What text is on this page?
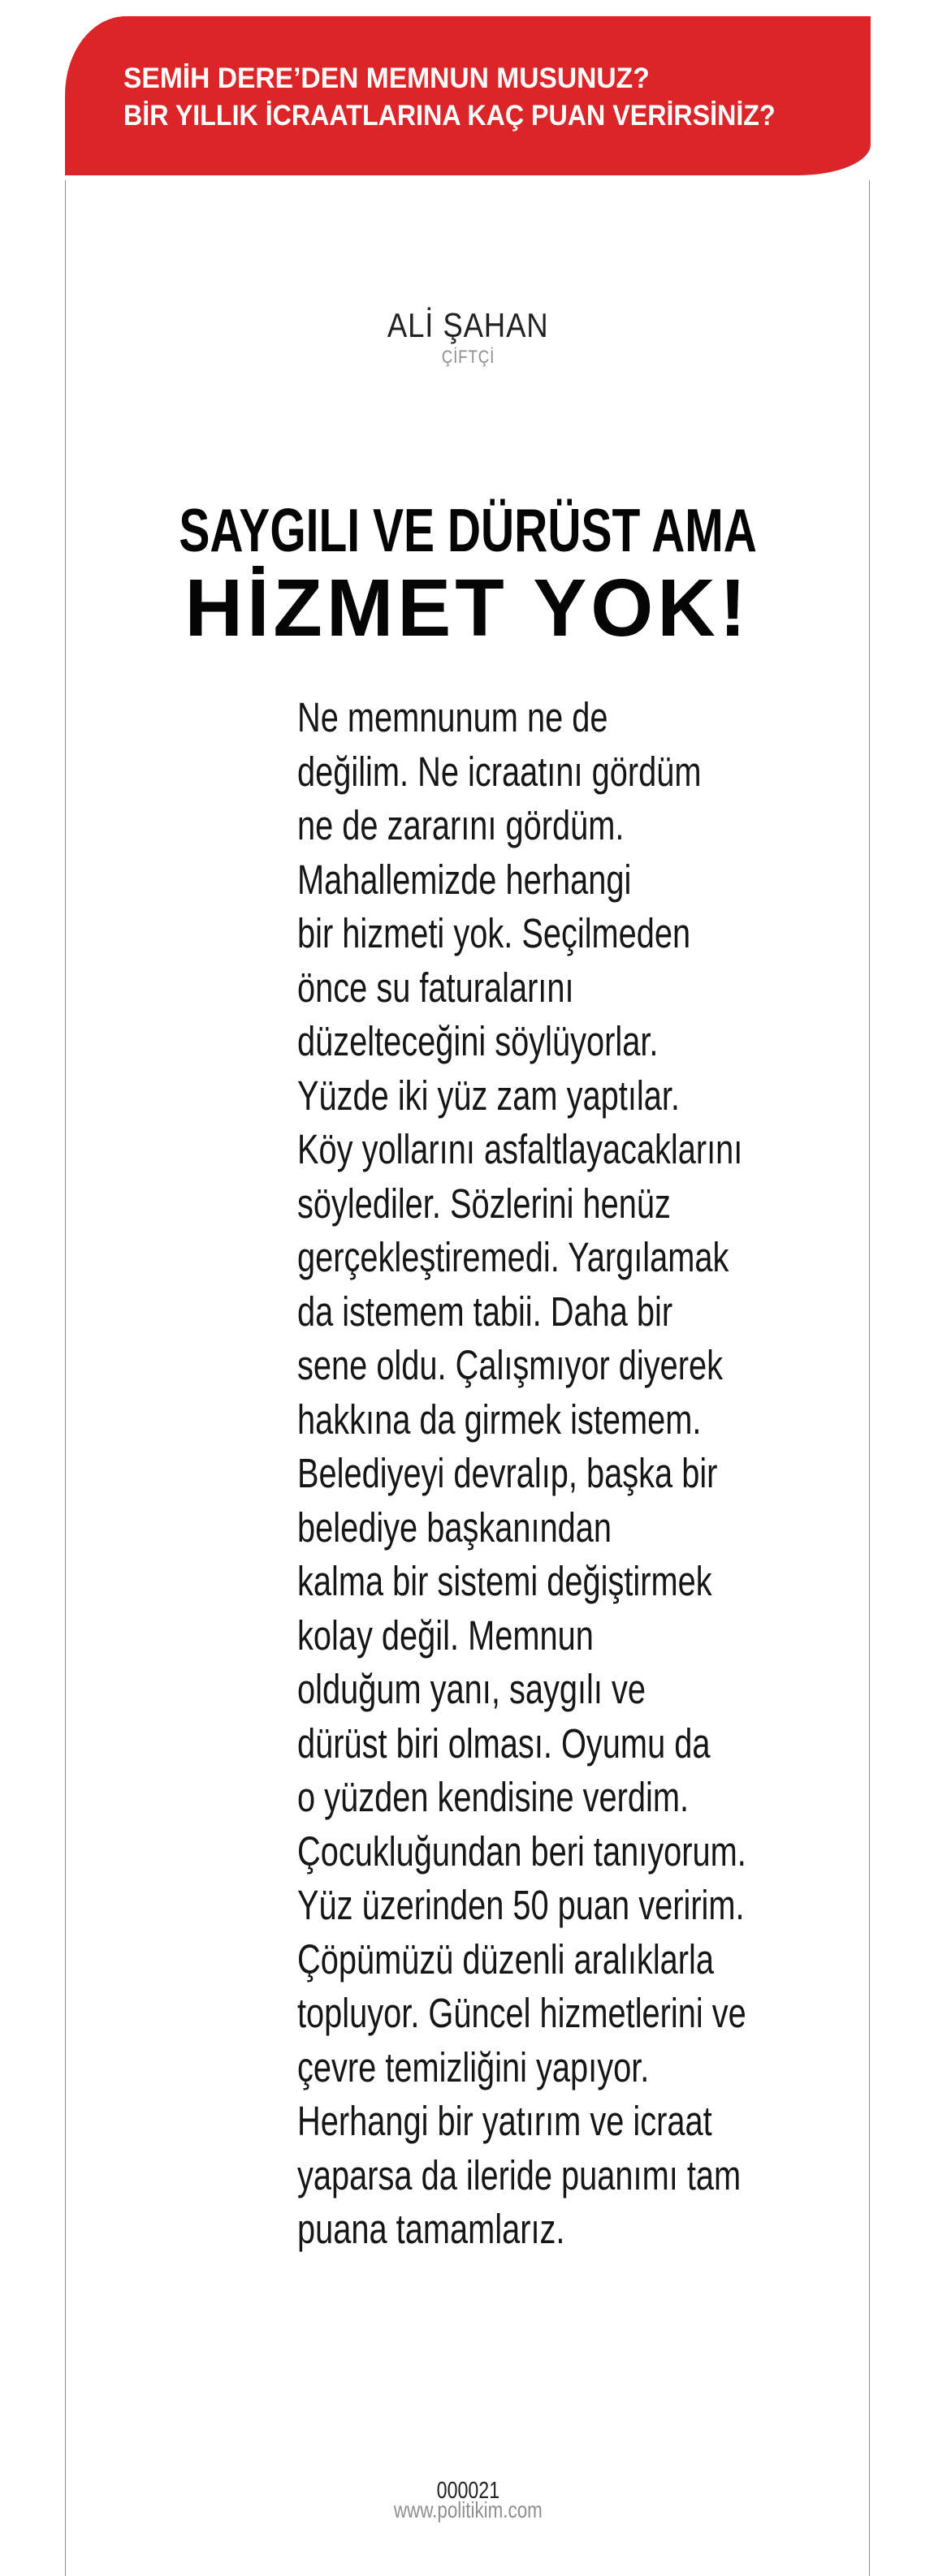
SEMİH DERE’DEN MEMNUN MUSUNUZ?
BİR YILLIK İCRAATLARINA KAÇ PUAN VERİRSİNİZ?
ALİ ŞAHAN
ÇİFTÇİ
SAYGILI VE DÜRÜST AMA
HİZMET YOK!
Ne memnunum ne de
değilim. Ne icraatını gördüm
ne de zararını gördüm.
Mahallemizde herhangi
bir hizmeti yok. Seçilmeden
önce su faturalarını
düzelteceğini söylüyorlar.
Yüzde iki yüz zam yaptılar.
Köy yollarını asfaltlayacaklarını
söylediler. Sözlerini henüz
gerçekleştiremedi. Yargılamak
da istemem tabii. Daha bir
sene oldu. Çalışmıyor diyerek
hakkına da girmek istemem.
Belediyeyi devralıp, başka bir
belediye başkanından
kalma bir sistemi değiştirmek
kolay değil. Memnun
olduğum yanı, saygılı ve
dürüst biri olması. Oyumu da
o yüzden kendisine verdim.
Çocukluğundan beri tanıyorum.
Yüz üzerinden 50 puan veririm.
Çöpümüzü düzenli aralıklarla
topluyor. Güncel hizmetlerini ve
çevre temizliğini yapıyor.
Herhangi bir yatırım ve icraat
yaparsa da ileride puanımı tam
puana tamamlarız.
000021
www.politikim.com
